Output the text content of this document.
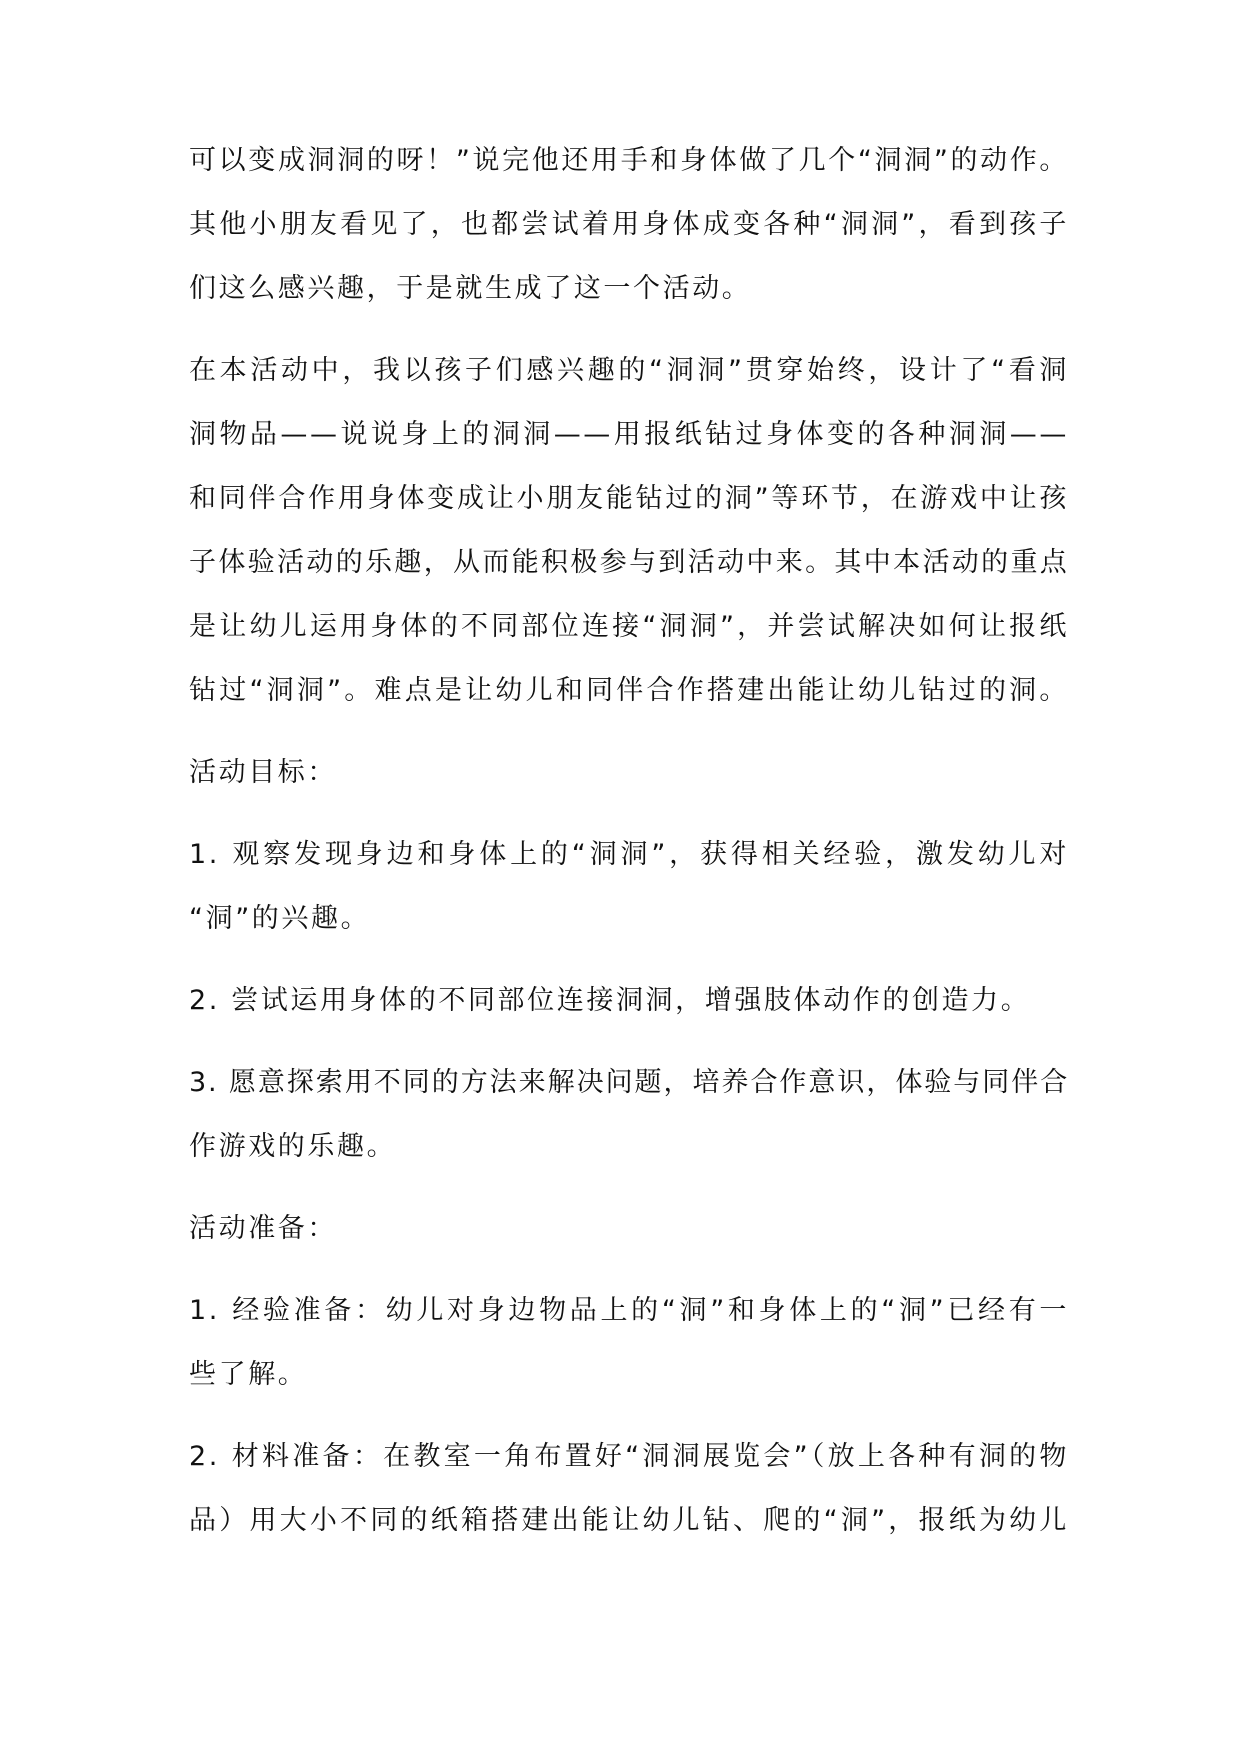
可以变成洞洞的呀！”说完他还用手和身体做了几个“洞洞”的动作。
其他小朋友看见了，也都尝试着用身体成变各种“洞洞”，看到孩子
们这么感兴趣，于是就生成了这一个活动。
在本活动中，我以孩子们感兴趣的“洞洞”贯穿始终，设计了“看洞
洞物品——说说身上的洞洞——用报纸钻过身体变的各种洞洞——
和同伴合作用身体变成让小朋友能钻过的洞”等环节，在游戏中让孩
子体验活动的乐趣，从而能积极参与到活动中来。其中本活动的重点
是让幼儿运用身体的不同部位连接“洞洞”，并尝试解决如何让报纸
钻过“洞洞”。难点是让幼儿和同伴合作搭建出能让幼儿钻过的洞。
活动目标：
1. 观察发现身边和身体上的“洞洞”，获得相关经验，激发幼儿对
“洞”的兴趣。
2. 尝试运用身体的不同部位连接洞洞，增强肢体动作的创造力。
3. 愿意探索用不同的方法来解决问题，培养合作意识，体验与同伴合
作游戏的乐趣。
活动准备：
1. 经验准备：幼儿对身边物品上的“洞”和身体上的“洞”已经有一
些了解。
2. 材料准备：在教室一角布置好“洞洞展览会”（放上各种有洞的物
品）用大小不同的纸箱搭建出能让幼儿钻、爬的“洞”，报纸为幼儿
